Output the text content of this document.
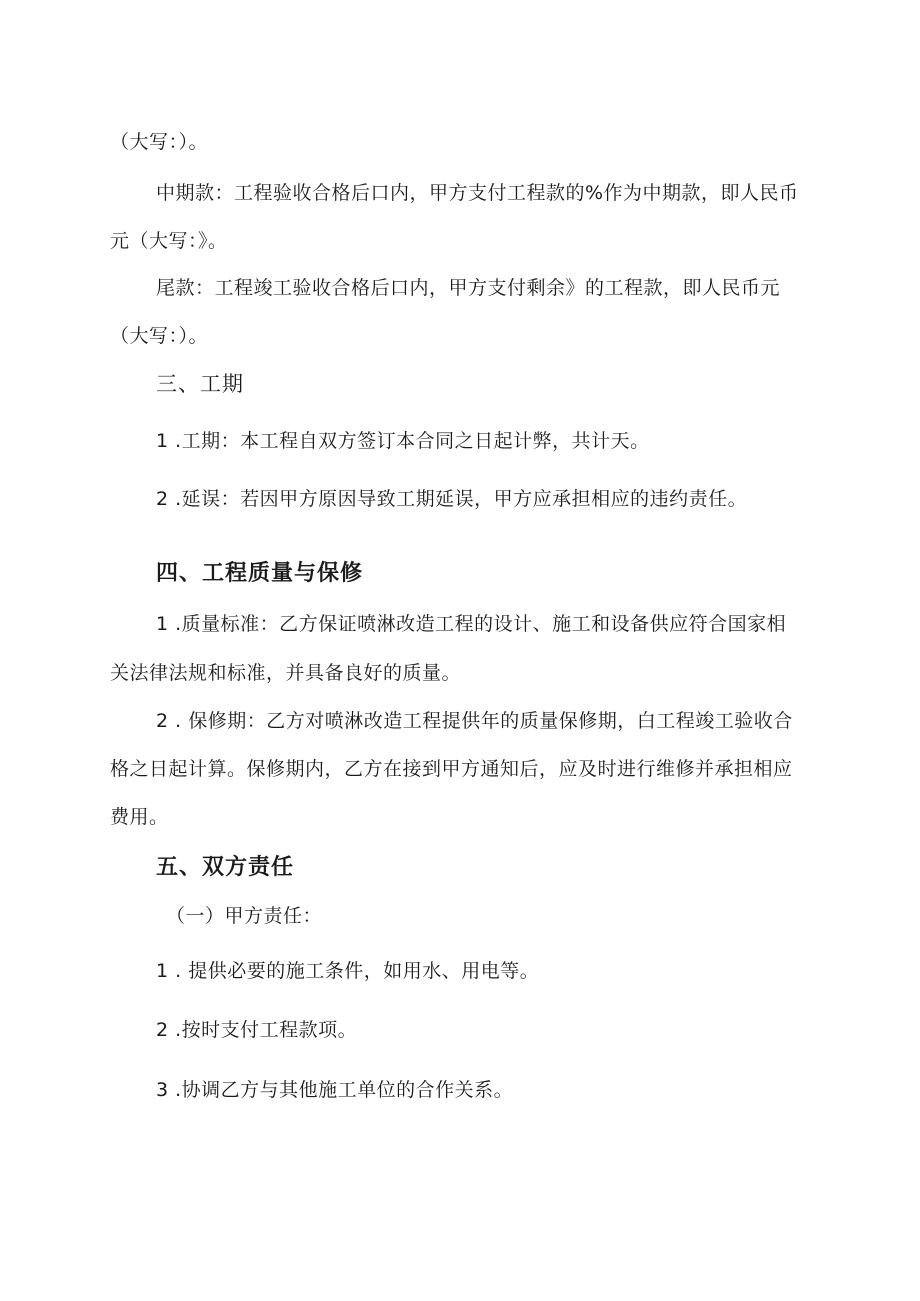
（大写：）。
中期款：工程验收合格后口内，甲方支付工程款的%作为中期款，即人民币
元（大写：》。
尾款：工程竣工验收合格后口内，甲方支付剩余》的工程款，即人民币元
（大写：）。
三、工期
1 .工期：本工程自双方签订本合同之日起计弊，共计天。
2 .延误：若因甲方原因导致工期延误，甲方应承担相应的违约责任。
四、工程质量与保修
1 .质量标准：乙方保证喷淋改造工程的设计、施工和设备供应符合国家相
关法律法规和标准，并具备良好的质量。
2 . 保修期：乙方对喷淋改造工程提供年的质量保修期，白工程竣工验收合
格之日起计算。保修期内，乙方在接到甲方通知后，应及时进行维修并承担相应
费用。
五、双方责任
（一）甲方责任：
1 . 提供必要的施工条件，如用水、用电等。
2 .按时支付工程款项。
3 .协调乙方与其他施工单位的合作关系。
